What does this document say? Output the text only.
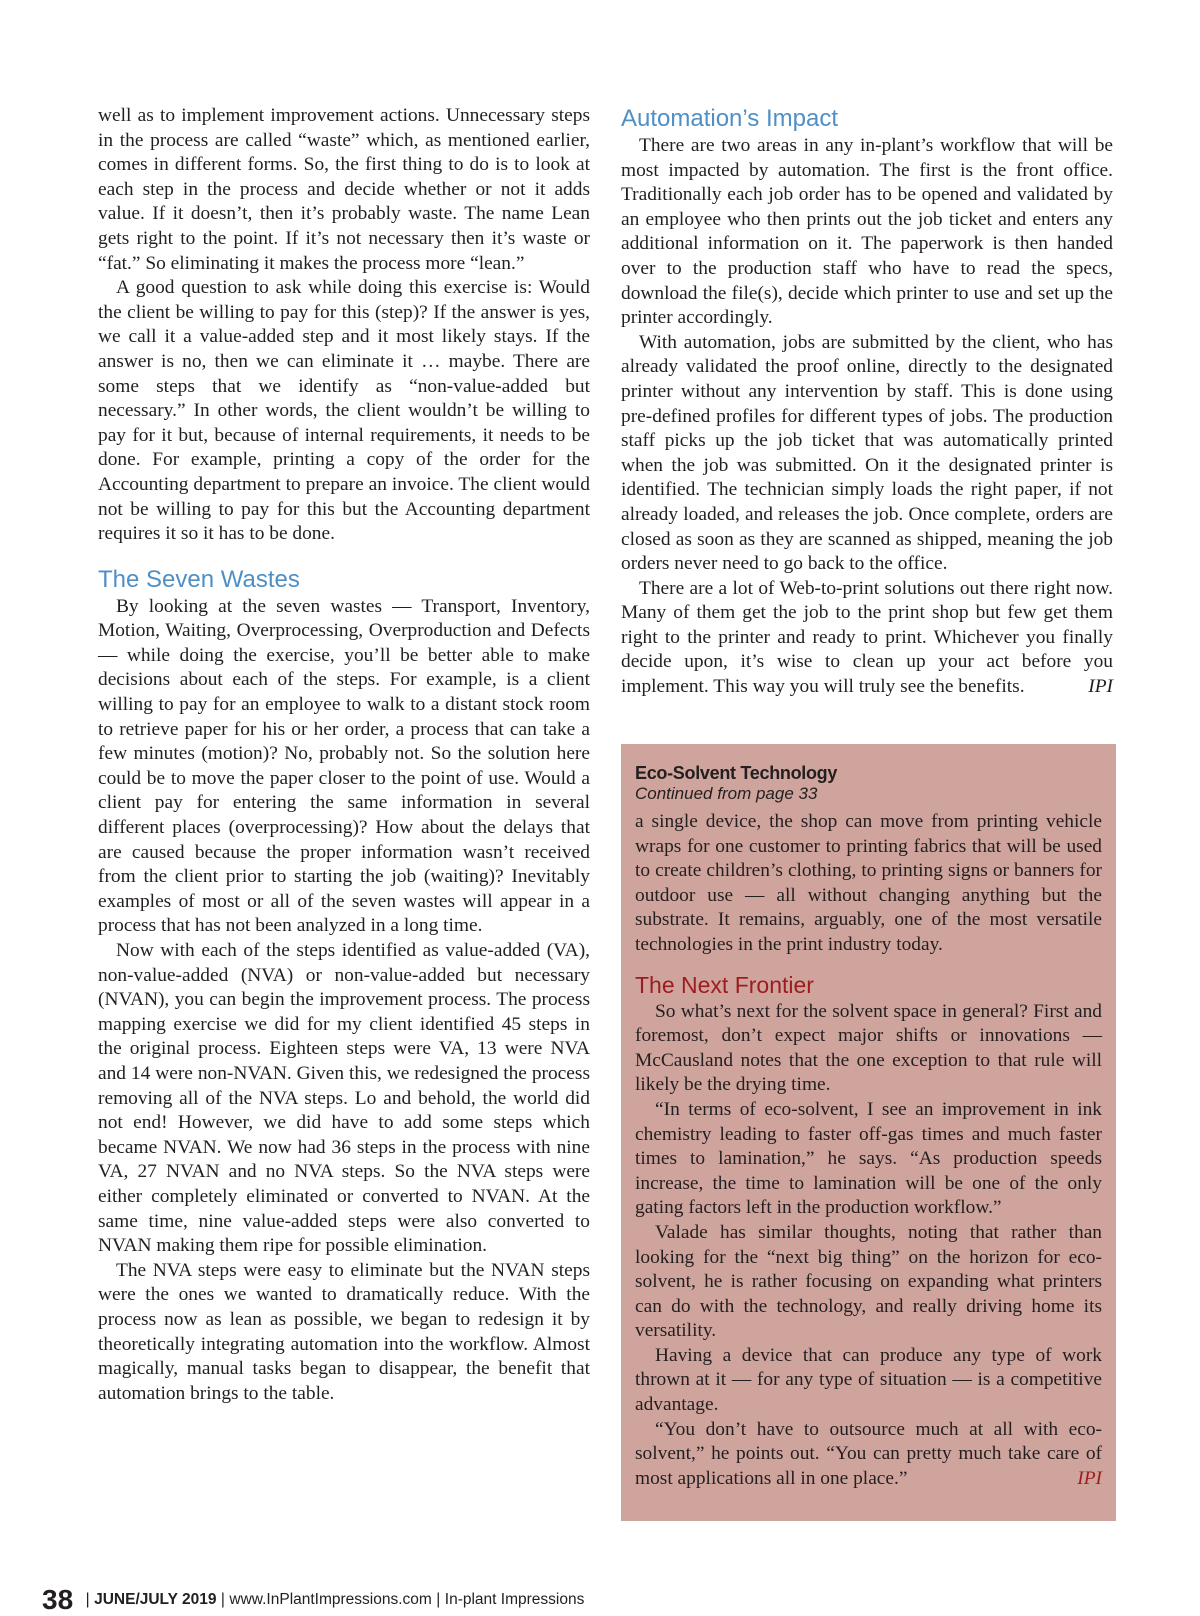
well as to implement improvement actions. Unnecessary steps in the process are called “waste” which, as mentioned earlier, comes in different forms. So, the first thing to do is to look at each step in the process and decide whether or not it adds value. If it doesn’t, then it’s probably waste. The name Lean gets right to the point. If it’s not necessary then it’s waste or “fat.” So eliminating it makes the process more “lean.”

A good question to ask while doing this exercise is: Would the client be willing to pay for this (step)? If the answer is yes, we call it a value-added step and it most likely stays. If the answer is no, then we can eliminate it … maybe. There are some steps that we identify as “non-value-added but necessary.” In other words, the client wouldn’t be willing to pay for it but, because of internal requirements, it needs to be done. For example, printing a copy of the order for the Accounting department to prepare an invoice. The client would not be willing to pay for this but the Accounting department requires it so it has to be done.

The Seven Wastes

By looking at the seven wastes — Transport, Inventory, Motion, Waiting, Overprocessing, Overproduction and Defects — while doing the exercise, you’ll be better able to make decisions about each of the steps. For example, is a client willing to pay for an employee to walk to a distant stock room to retrieve paper for his or her order, a process that can take a few minutes (motion)? No, probably not. So the solution here could be to move the paper closer to the point of use. Would a client pay for entering the same information in several different places (overprocessing)? How about the delays that are caused because the proper information wasn’t received from the client prior to starting the job (waiting)? Inevitably examples of most or all of the seven wastes will appear in a process that has not been analyzed in a long time.

Now with each of the steps identified as value-added (VA), non-value-added (NVA) or non-value-added but necessary (NVAN), you can begin the improvement process. The process mapping exercise we did for my client identified 45 steps in the original process. Eighteen steps were VA, 13 were NVA and 14 were non-NVAN. Given this, we redesigned the process removing all of the NVA steps. Lo and behold, the world did not end! However, we did have to add some steps which became NVAN. We now had 36 steps in the process with nine VA, 27 NVAN and no NVA steps. So the NVA steps were either completely eliminated or converted to NVAN. At the same time, nine value-added steps were also converted to NVAN making them ripe for possible elimination.

The NVA steps were easy to eliminate but the NVAN steps were the ones we wanted to dramatically reduce. With the process now as lean as possible, we began to redesign it by theoretically integrating automation into the workflow. Almost magically, manual tasks began to disappear, the benefit that automation brings to the table.

Automation’s Impact

There are two areas in any in-plant’s workflow that will be most impacted by automation. The first is the front office. Traditionally each job order has to be opened and validated by an employee who then prints out the job ticket and enters any additional information on it. The paperwork is then handed over to the production staff who have to read the specs, download the file(s), decide which printer to use and set up the printer accordingly.

With automation, jobs are submitted by the client, who has already validated the proof online, directly to the designated printer without any intervention by staff. This is done using pre-defined profiles for different types of jobs. The production staff picks up the job ticket that was automatically printed when the job was submitted. On it the designated printer is identified. The technician simply loads the right paper, if not already loaded, and releases the job. Once complete, orders are closed as soon as they are scanned as shipped, meaning the job orders never need to go back to the office.

There are a lot of Web-to-print solutions out there right now. Many of them get the job to the print shop but few get them right to the printer and ready to print. Whichever you finally decide upon, it’s wise to clean up your act before you implement. This way you will truly see the benefits.	IPI

Eco-Solvent Technology
Continued from page 33

a single device, the shop can move from printing vehicle wraps for one customer to printing fabrics that will be used to create children’s clothing, to printing signs or banners for outdoor use — all without changing anything but the substrate. It remains, arguably, one of the most versatile technologies in the print industry today.

The Next Frontier

So what’s next for the solvent space in general? First and foremost, don’t expect major shifts or innovations — McCausland notes that the one exception to that rule will likely be the drying time.

“In terms of eco-solvent, I see an improvement in ink chemistry leading to faster off-gas times and much faster times to lamination,” he says. “As production speeds increase, the time to lamination will be one of the only gating factors left in the production workflow.”

Valade has similar thoughts, noting that rather than looking for the “next big thing” on the horizon for eco-solvent, he is rather focusing on expanding what printers can do with the technology, and really driving home its versatility.

Having a device that can produce any type of work thrown at it — for any type of situation — is a competitive advantage.

“You don’t have to outsource much at all with eco-solvent,” he points out. “You can pretty much take care of most applications all in one place.”	IPI

38 | JUNE/JULY 2019 | www.InPlantImpressions.com | In-plant Impressions
